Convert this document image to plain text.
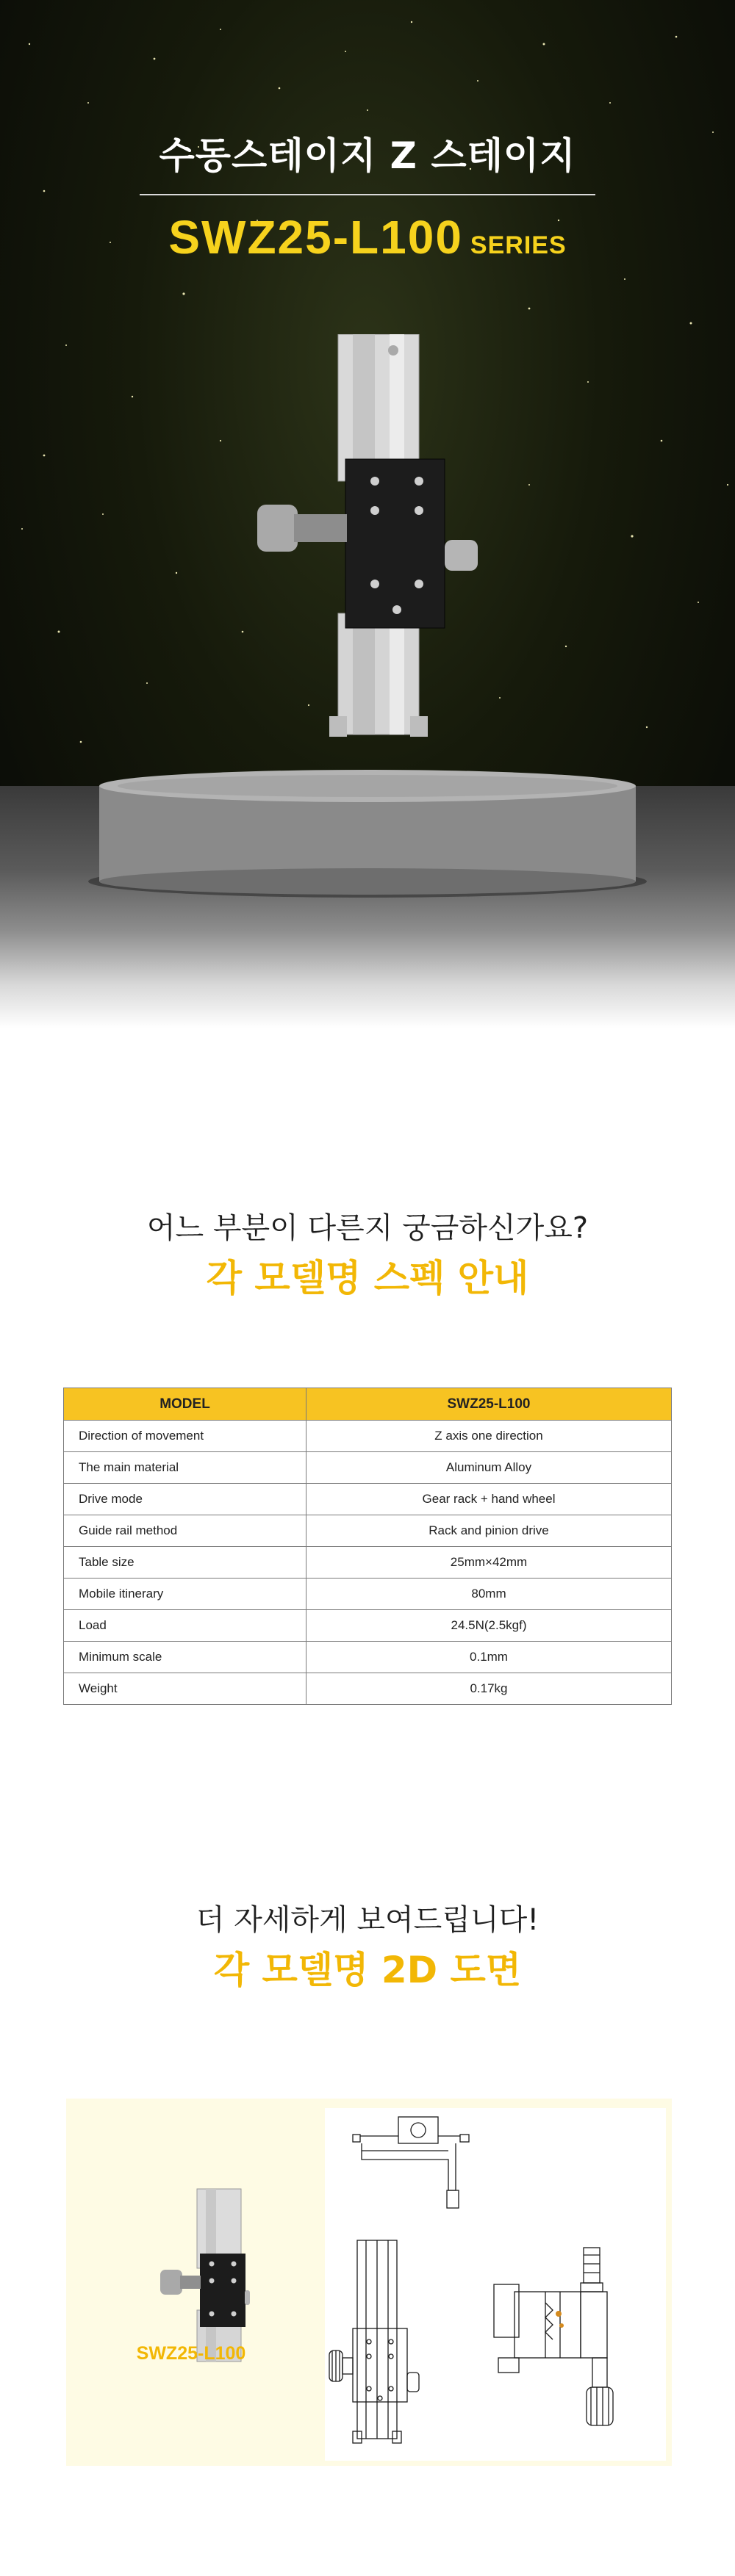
수동스테이지 Z 스테이지
SWZ25-L100 SERIES
어느 부분이 다른지 궁금하신가요?
각 모델명 스펙 안내
MODEL	SWZ25-L100
Direction of movement	Z axis one direction
The main material	Aluminum Alloy
Drive mode	Gear rack + hand wheel
Guide rail method	Rack and pinion drive
Table size	25mm×42mm
Mobile itinerary	80mm
Load	24.5N(2.5kgf)
Minimum scale	0.1mm
Weight	0.17kg
더 자세하게 보여드립니다!
각 모델명 2D 도면
SWZ25-L100
